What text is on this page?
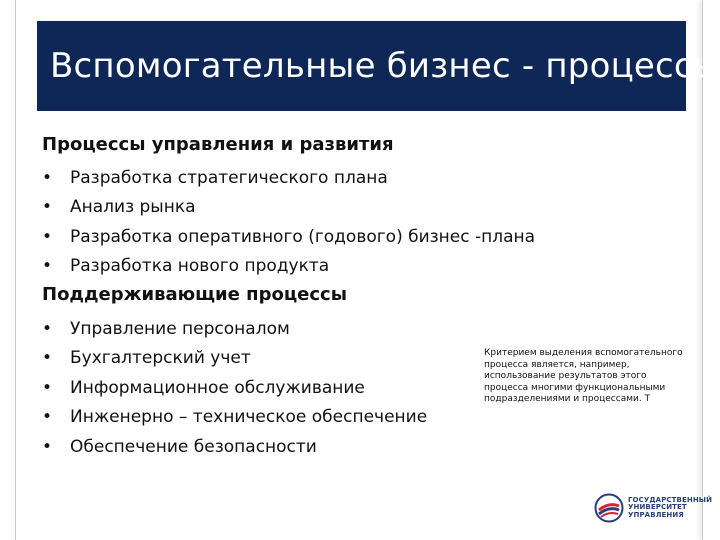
Вспомогательные бизнес - процессы
Процессы управления и развития
• Разработка стратегического плана
• Анализ рынка
• Разработка оперативного (годового) бизнес -плана
• Разработка нового продукта
Поддерживающие процессы
• Управление персоналом
• Бухгалтерский учет
• Информационное обслуживание
• Инженерно – техническое обеспечение
• Обеспечение безопасности
Критерием выделения вспомогательного процесса является, например, использование результатов этого процесса многими функциональными подразделениями и процессами. Т
ГОСУДАРСТВЕННЫЙ
УНИВЕРСИТЕТ
УПРАВЛЕНИЯ
